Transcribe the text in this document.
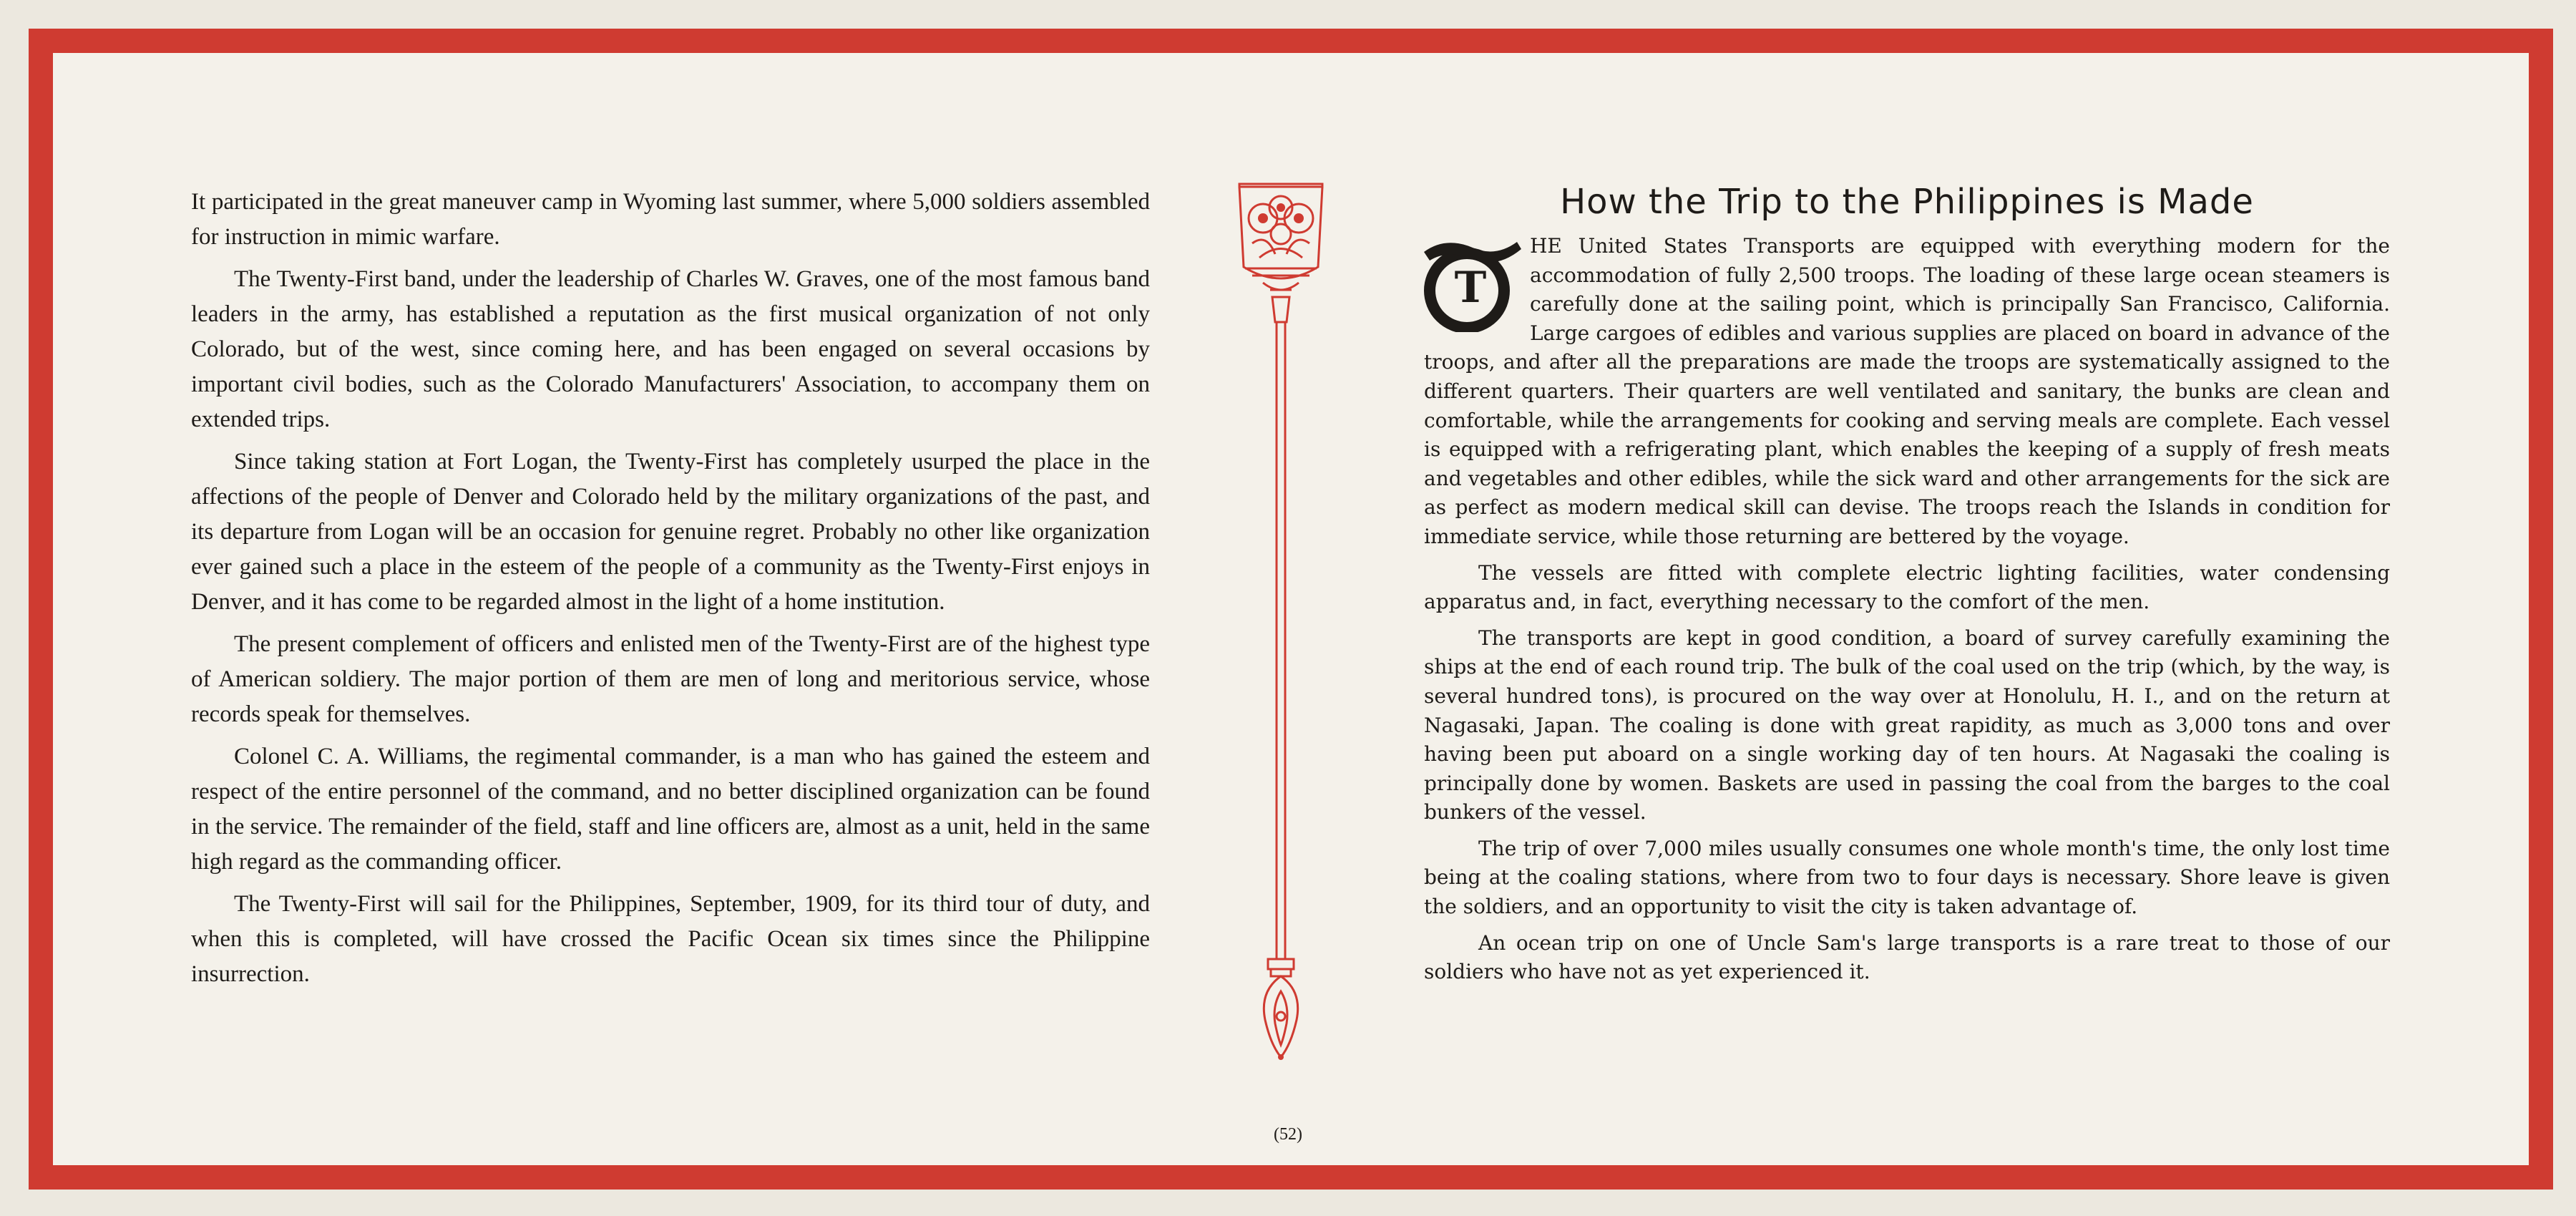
It participated in the great maneuver camp in Wyoming last summer, where 5,000 soldiers assembled for instruction in mimic warfare.

The Twenty-First band, under the leadership of Charles W. Graves, one of the most famous band leaders in the army, has established a reputation as the first musical organization of not only Colorado, but of the west, since coming here, and has been engaged on several occasions by important civil bodies, such as the Colorado Manufacturers' Association, to accompany them on extended trips.

Since taking station at Fort Logan, the Twenty-First has completely usurped the place in the affections of the people of Denver and Colorado held by the military organizations of the past, and its departure from Logan will be an occasion for genuine regret. Probably no other like organization ever gained such a place in the esteem of the people of a community as the Twenty-First enjoys in Denver, and it has come to be regarded almost in the light of a home institution.

The present complement of officers and enlisted men of the Twenty-First are of the highest type of American soldiery. The major portion of them are men of long and meritorious service, whose records speak for themselves.

Colonel C. A. Williams, the regimental commander, is a man who has gained the esteem and respect of the entire personnel of the command, and no better disciplined organization can be found in the service. The remainder of the field, staff and line officers are, almost as a unit, held in the same high regard as the commanding officer.

The Twenty-First will sail for the Philippines, September, 1909, for its third tour of duty, and when this is completed, will have crossed the Pacific Ocean six times since the Philippine insurrection.

How the Trip to the Philippines is Made

T
HE United States Transports are equipped with everything modern for the accommodation of fully 2,500 troops. The loading of these large ocean steamers is carefully done at the sailing point, which is principally San Francisco, California. Large cargoes of edibles and various supplies are placed on board in advance of the troops, and after all the preparations are made the troops are systematically assigned to the different quarters. Their quarters are well ventilated and sanitary, the bunks are clean and comfortable, while the arrangements for cooking and serving meals are complete. Each vessel is equipped with a refrigerating plant, which enables the keeping of a supply of fresh meats and vegetables and other edibles, while the sick ward and other arrangements for the sick are as perfect as modern medical skill can devise. The troops reach the Islands in condition for immediate service, while those returning are bettered by the voyage.

The vessels are fitted with complete electric lighting facilities, water condensing apparatus and, in fact, everything necessary to the comfort of the men.

The transports are kept in good condition, a board of survey carefully examining the ships at the end of each round trip. The bulk of the coal used on the trip (which, by the way, is several hundred tons), is procured on the way over at Honolulu, H. I., and on the return at Nagasaki, Japan. The coaling is done with great rapidity, as much as 3,000 tons and over having been put aboard on a single working day of ten hours. At Nagasaki the coaling is principally done by women. Baskets are used in passing the coal from the barges to the coal bunkers of the vessel.

The trip of over 7,000 miles usually consumes one whole month's time, the only lost time being at the coaling stations, where from two to four days is necessary. Shore leave is given the soldiers, and an opportunity to visit the city is taken advantage of.

An ocean trip on one of Uncle Sam's large transports is a rare treat to those of our soldiers who have not as yet experienced it.

(52)
